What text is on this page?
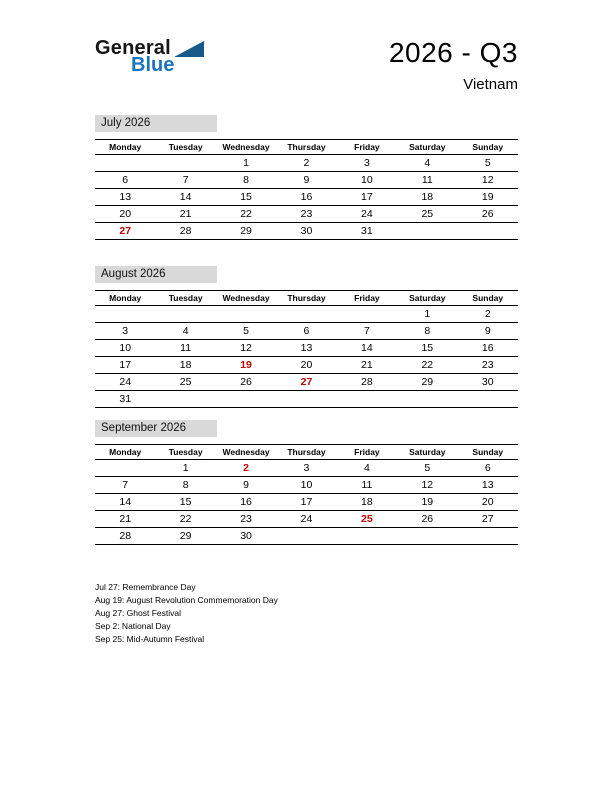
General
Blue	2026 - Q3
Vietnam
July 2026
Monday	Tuesday	Wednesday	Thursday	Friday	Saturday	Sunday
		1	2	3	4	5
6	7	8	9	10	11	12
13	14	15	16	17	18	19
20	21	22	23	24	25	26
27	28	29	30	31		
August 2026
Monday	Tuesday	Wednesday	Thursday	Friday	Saturday	Sunday
					1	2
3	4	5	6	7	8	9
10	11	12	13	14	15	16
17	18	19	20	21	22	23
24	25	26	27	28	29	30
31						
September 2026
Monday	Tuesday	Wednesday	Thursday	Friday	Saturday	Sunday
	1	2	3	4	5	6
7	8	9	10	11	12	13
14	15	16	17	18	19	20
21	22	23	24	25	26	27
28	29	30				
Jul 27: Remembrance Day
Aug 19: August Revolution Commemoration Day
Aug 27: Ghost Festival
Sep 2: National Day
Sep 25: Mid-Autumn Festival
